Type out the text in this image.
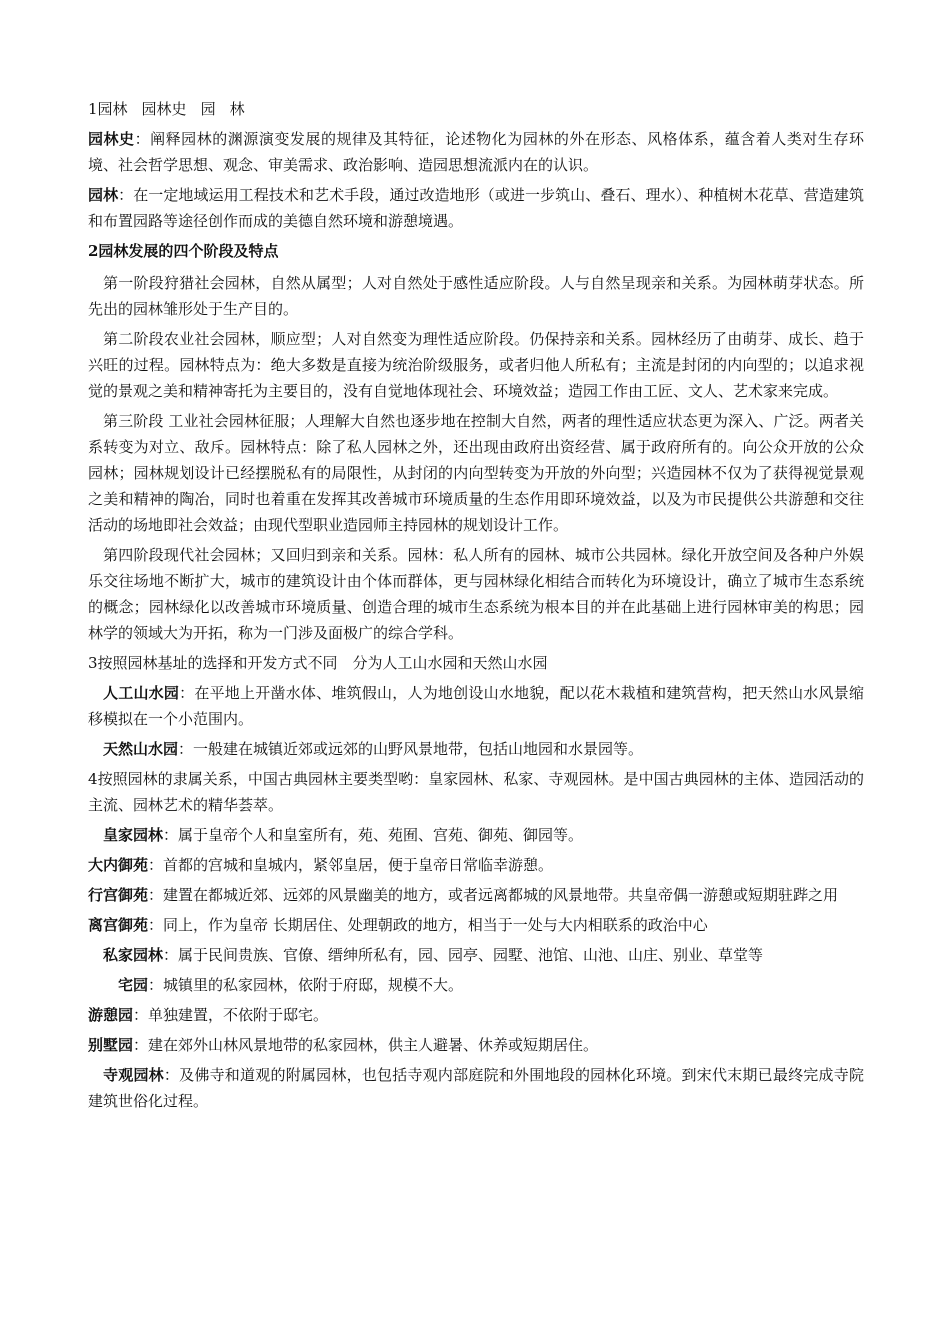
1园林 园林史 园 林

园林史：阐释园林的渊源演变发展的规律及其特征，论述物化为园林的外在形态、风格体系，蕴含着人类对生存环境、社会哲学思想、观念、审美需求、政治影响、造园思想流派内在的认识。

园林：在一定地域运用工程技术和艺术手段，通过改造地形（或进一步筑山、叠石、理水）、种植树木花草、营造建筑和布置园路等途径创作而成的美德自然环境和游憩境遇。

2园林发展的四个阶段及特点

第一阶段狩猎社会园林，自然从属型；人对自然处于感性适应阶段。人与自然呈现亲和关系。为园林萌芽状态。所先出的园林雏形处于生产目的。

第二阶段农业社会园林，顺应型；人对自然变为理性适应阶段。仍保持亲和关系。园林经历了由萌芽、成长、趋于兴旺的过程。园林特点为：绝大多数是直接为统治阶级服务，或者归他人所私有；主流是封闭的内向型的；以追求视觉的景观之美和精神寄托为主要目的，没有自觉地体现社会、环境效益；造园工作由工匠、文人、艺术家来完成。

第三阶段 工业社会园林征服；人理解大自然也逐步地在控制大自然，两者的理性适应状态更为深入、广泛。两者关系转变为对立、敌斥。园林特点：除了私人园林之外，还出现由政府出资经营、属于政府所有的。向公众开放的公众园林；园林规划设计已经摆脱私有的局限性，从封闭的内向型转变为开放的外向型；兴造园林不仅为了获得视觉景观之美和精神的陶冶，同时也着重在发挥其改善城市环境质量的生态作用即环境效益，以及为市民提供公共游憩和交往活动的场地即社会效益；由现代型职业造园师主持园林的规划设计工作。

第四阶段现代社会园林；又回归到亲和关系。园林：私人所有的园林、城市公共园林。绿化开放空间及各种户外娱乐交往场地不断扩大，城市的建筑设计由个体而群体，更与园林绿化相结合而转化为环境设计，确立了城市生态系统的概念；园林绿化以改善城市环境质量、创造合理的城市生态系统为根本目的并在此基础上进行园林审美的构思；园林学的领域大为开拓，称为一门涉及面极广的综合学科。

3按照园林基址的选择和开发方式不同　分为人工山水园和天然山水园

人工山水园：在平地上开凿水体、堆筑假山，人为地创设山水地貌，配以花木栽植和建筑营构，把天然山水风景缩移模拟在一个小范围内。

天然山水园：一般建在城镇近郊或远郊的山野风景地带，包括山地园和水景园等。

4按照园林的隶属关系，中国古典园林主要类型哟：皇家园林、私家、寺观园林。是中国古典园林的主体、造园活动的主流、园林艺术的精华荟萃。

皇家园林：属于皇帝个人和皇室所有，苑、苑囿、宫苑、御苑、御园等。

大内御苑：首都的宫城和皇城内，紧邻皇居，便于皇帝日常临幸游憩。

行宫御苑：建置在都城近郊、远郊的风景幽美的地方，或者远离都城的风景地带。共皇帝偶一游憩或短期驻跸之用

离宫御苑：同上，作为皇帝 长期居住、处理朝政的地方，相当于一处与大内相联系的政治中心

私家园林：属于民间贵族、官僚、缙绅所私有，园、园亭、园墅、池馆、山池、山庄、别业、草堂等

宅园：城镇里的私家园林，依附于府邸，规模不大。

游憩园：单独建置，不依附于邸宅。

别墅园：建在郊外山林风景地带的私家园林，供主人避暑、休养或短期居住。

寺观园林：及佛寺和道观的附属园林，也包括寺观内部庭院和外围地段的园林化环境。到宋代末期已最终完成寺院建筑世俗化过程。
